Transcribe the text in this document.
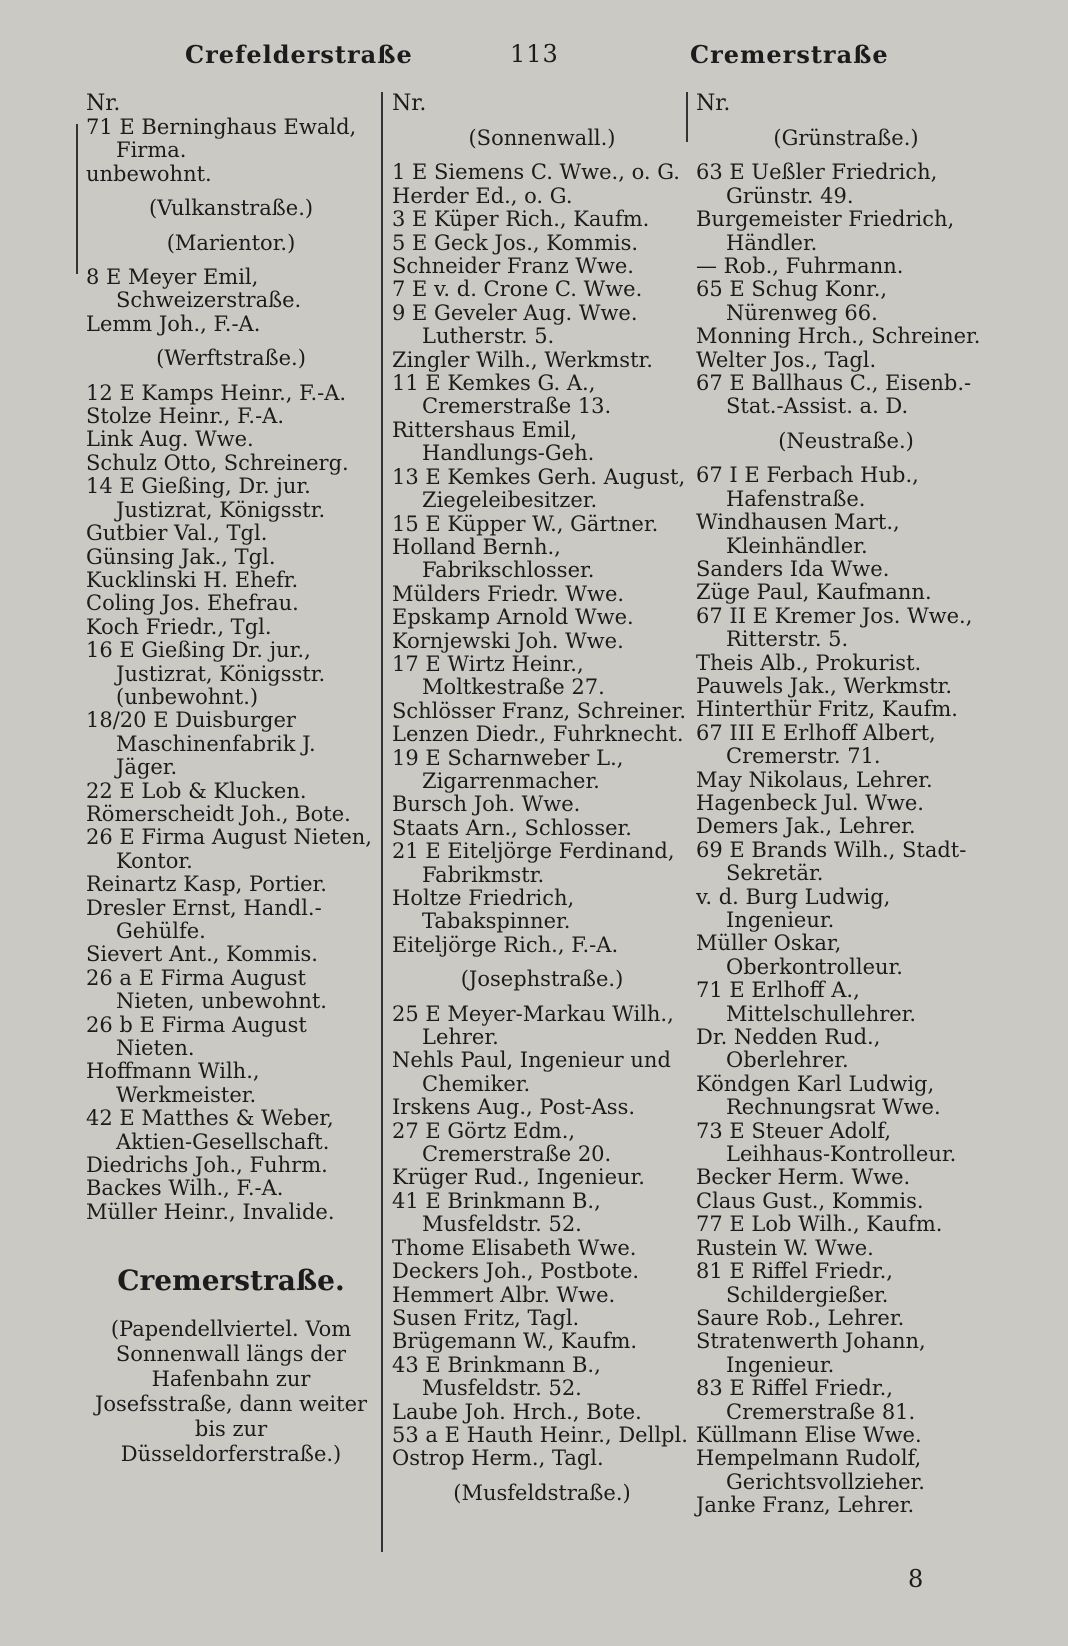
Crefelderstraße	113	Cremerstraße
Nr.
71 E Berninghaus Ewald, Firma.
unbewohnt.
(Vulkanstraße.)
(Marientor.)
8 E Meyer Emil, Schweizerstraße.
Lemm Joh., F.-A.
(Werftstraße.)
12 E Kamps Heinr., F.-A.
Stolze Heinr., F.-A.
Link Aug. Wwe.
Schulz Otto, Schreinerg.
14 E Gießing, Dr. jur. Justizrat, Königsstr.
Gutbier Val., Tgl.
Günsing Jak., Tgl.
Kucklinski H. Ehefr.
Coling Jos. Ehefrau.
Koch Friedr., Tgl.
16 E Gießing Dr. jur., Justizrat, Königsstr. (unbewohnt.)
18/20 E Duisburger Maschinenfabrik J. Jäger.
22 E Lob & Klucken.
Römerscheidt Joh., Bote.
26 E Firma August Nieten, Kontor.
Reinartz Kasp, Portier.
Dresler Ernst, Handl.-Gehülfe.
Sievert Ant., Kommis.
26 a E Firma August Nieten, unbewohnt.
26 b E Firma August Nieten.
Hoffmann Wilh., Werkmeister.
42 E Matthes & Weber, Aktien-Gesellschaft.
Diedrichs Joh., Fuhrm.
Backes Wilh., F.-A.
Müller Heinr., Invalide.
Cremerstraße.
(Papendellviertel. Vom Sonnenwall längs der Hafenbahn zur Josefsstraße, dann weiter bis zur Düsseldorferstraße.)
Nr.
(Sonnenwall.)
1 E Siemens C. Wwe., o. G.
Herder Ed., o. G.
3 E Küper Rich., Kaufm.
5 E Geck Jos., Kommis.
Schneider Franz Wwe.
7 E v. d. Crone C. Wwe.
9 E Geveler Aug. Wwe. Lutherstr. 5.
Zingler Wilh., Werkmstr.
11 E Kemkes G. A., Cremerstraße 13.
Rittershaus Emil, Handlungs-Geh.
13 E Kemkes Gerh. August, Ziegeleibesitzer.
15 E Küpper W., Gärtner.
Holland Bernh., Fabrikschlosser.
Mülders Friedr. Wwe.
Epskamp Arnold Wwe.
Kornjewski Joh. Wwe.
17 E Wirtz Heinr., Moltkestraße 27.
Schlösser Franz, Schreiner.
Lenzen Diedr., Fuhrknecht.
19 E Scharnweber L., Zigarrenmacher.
Bursch Joh. Wwe.
Staats Arn., Schlosser.
21 E Eiteljörge Ferdinand, Fabrikmstr.
Holtze Friedrich, Tabakspinner.
Eiteljörge Rich., F.-A.
(Josephstraße.)
25 E Meyer-Markau Wilh., Lehrer.
Nehls Paul, Ingenieur und Chemiker.
Irskens Aug., Post-Ass.
27 E Görtz Edm., Cremerstraße 20.
Krüger Rud., Ingenieur.
41 E Brinkmann B., Musfeldstr. 52.
Thome Elisabeth Wwe.
Deckers Joh., Postbote.
Hemmert Albr. Wwe.
Susen Fritz, Tagl.
Brügemann W., Kaufm.
43 E Brinkmann B., Musfeldstr. 52.
Laube Joh. Hrch., Bote.
53 a E Hauth Heinr., Dellpl.
Ostrop Herm., Tagl.
(Musfeldstraße.)
Nr.
(Grünstraße.)
63 E Ueßler Friedrich, Grünstr. 49.
Burgemeister Friedrich, Händler.
— Rob., Fuhrmann.
65 E Schug Konr., Nürenweg 66.
Monning Hrch., Schreiner.
Welter Jos., Tagl.
67 E Ballhaus C., Eisenb.-Stat.-Assist. a. D.
(Neustraße.)
67 I E Ferbach Hub., Hafenstraße.
Windhausen Mart., Kleinhändler.
Sanders Ida Wwe.
Züge Paul, Kaufmann.
67 II E Kremer Jos. Wwe., Ritterstr. 5.
Theis Alb., Prokurist.
Pauwels Jak., Werkmstr.
Hinterthür Fritz, Kaufm.
67 III E Erlhoff Albert, Cremerstr. 71.
May Nikolaus, Lehrer.
Hagenbeck Jul. Wwe.
Demers Jak., Lehrer.
69 E Brands Wilh., Stadt-Sekretär.
v. d. Burg Ludwig, Ingenieur.
Müller Oskar, Oberkontrolleur.
71 E Erlhoff A., Mittelschullehrer.
Dr. Nedden Rud., Oberlehrer.
Köndgen Karl Ludwig, Rechnungsrat Wwe.
73 E Steuer Adolf, Leihhaus-Kontrolleur.
Becker Herm. Wwe.
Claus Gust., Kommis.
77 E Lob Wilh., Kaufm.
Rustein W. Wwe.
81 E Riffel Friedr., Schildergießer.
Saure Rob., Lehrer.
Stratenwerth Johann, Ingenieur.
83 E Riffel Friedr., Cremerstraße 81.
Küllmann Elise Wwe.
Hempelmann Rudolf, Gerichtsvollzieher.
Janke Franz, Lehrer.
8
